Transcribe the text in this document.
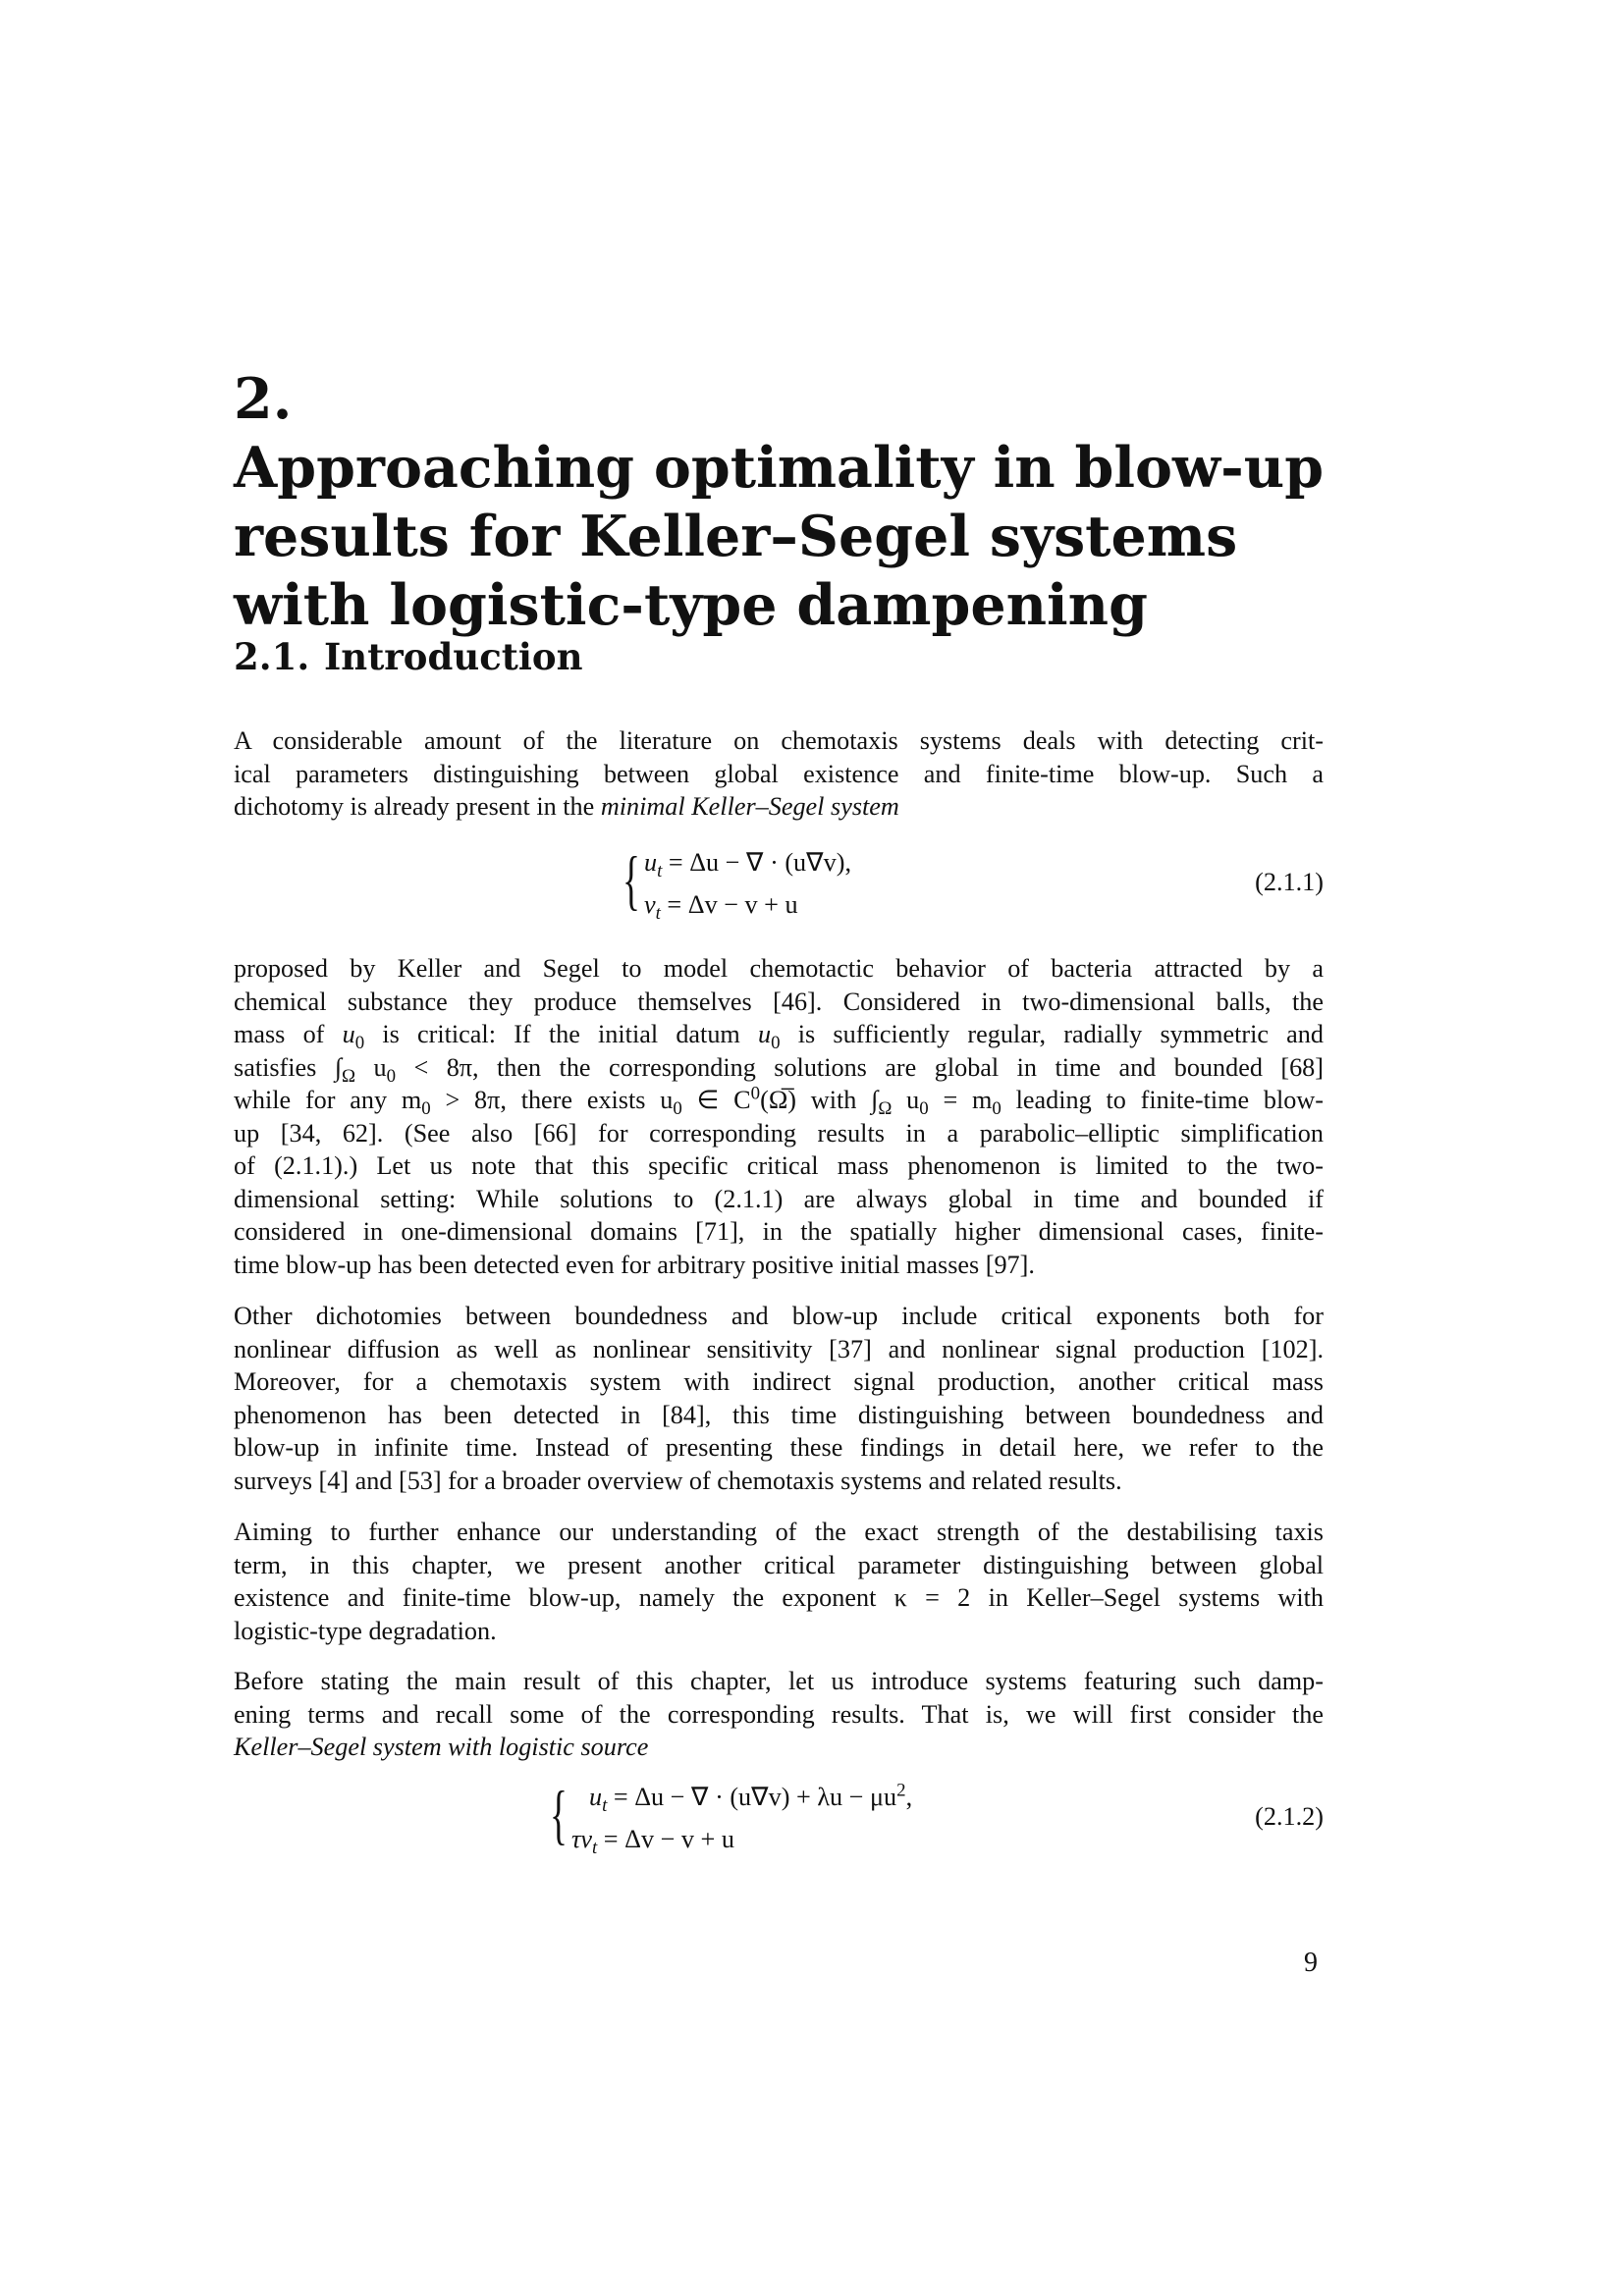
2.
Approaching optimality in blow-up
results for Keller–Segel systems
with logistic-type dampening
2.1. Introduction
A considerable amount of the literature on chemotaxis systems deals with detecting crit-
ical parameters distinguishing between global existence and finite-time blow-up. Such a
dichotomy is already present in the minimal Keller–Segel system
{ $u_t = \Delta u$ − ∇ · (u∇v),
$v_t = \Delta v - v + u$
(2.1.1)
proposed by Keller and Segel to model chemotactic behavior of bacteria attracted by a
chemical substance they produce themselves [46]. Considered in two-dimensional balls, the
mass of $u_0$ is critical: If the initial datum $u_0$ is sufficiently regular, radially symmetric and
satisfies $\int_\Omega$ $u_0 < 8\pi$, then the corresponding solutions are global in time and bounded [68]
while for any $m_0 > 8\pi$, there exists $u_0$ ∈ $C^0(\Omega̅)$ with $\int_\Omega$ $u_0 = m_0$ leading to finite-time blow-
up [34, 62]. (See also [66] for corresponding results in a parabolic–elliptic simplification
of (2.1.1).) Let us note that this specific critical mass phenomenon is limited to the two-
dimensional setting: While solutions to (2.1.1) are always global in time and bounded if
considered in one-dimensional domains [71], in the spatially higher dimensional cases, finite-
time blow-up has been detected even for arbitrary positive initial masses [97].
Other dichotomies between boundedness and blow-up include critical exponents both for
nonlinear diffusion as well as nonlinear sensitivity [37] and nonlinear signal production [102].
Moreover, for a chemotaxis system with indirect signal production, another critical mass
phenomenon has been detected in [84], this time distinguishing between boundedness and
blow-up in infinite time. Instead of presenting these findings in detail here, we refer to the
surveys [4] and [53] for a broader overview of chemotaxis systems and related results.
Aiming to further enhance our understanding of the exact strength of the destabilising taxis
term, in this chapter, we present another critical parameter distinguishing between global
existence and finite-time blow-up, namely the exponent κ = 2 in Keller–Segel systems with
logistic-type degradation.
Before stating the main result of this chapter, let us introduce systems featuring such damp-
ening terms and recall some of the corresponding results. That is, we will first consider the
Keller–Segel system with logistic source
{ $u_t = \Delta u$ − ∇ · $(u\nabla v) + \lambda u - \mu u^2$,
$\tau v_t = \Delta v - v + u$
(2.1.2)

9
